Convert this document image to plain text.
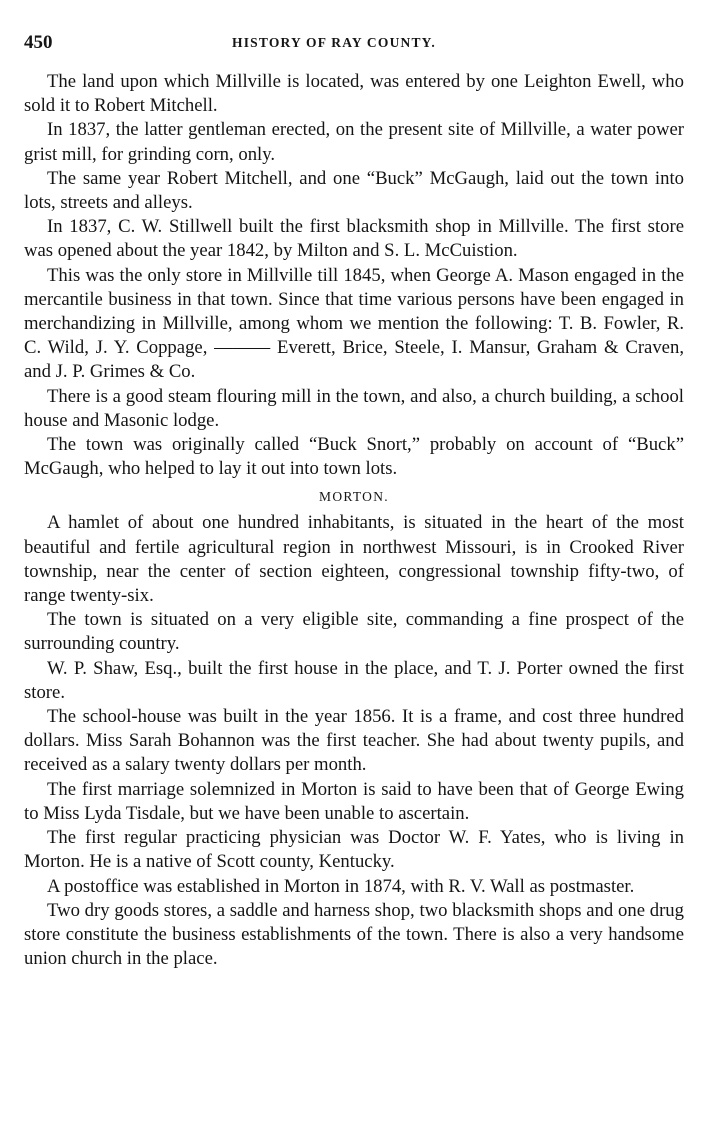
450	HISTORY OF RAY COUNTY.

The land upon which Millville is located, was entered by one Leighton Ewell, who sold it to Robert Mitchell.

In 1837, the latter gentleman erected, on the present site of Millville, a water power grist mill, for grinding corn, only.

The same year Robert Mitchell, and one “Buck” McGaugh, laid out the town into lots, streets and alleys.

In 1837, C. W. Stillwell built the first blacksmith shop in Millville. The first store was opened about the year 1842, by Milton and S. L. McCuistion.

This was the only store in Millville till 1845, when George A. Mason engaged in the mercantile business in that town. Since that time various persons have been engaged in merchandizing in Millville, among whom we mention the following: T. B. Fowler, R. C. Wild, J. Y. Coppage, ——— Everett, Brice, Steele, I. Mansur, Graham & Craven, and J. P. Grimes & Co.

There is a good steam flouring mill in the town, and also, a church building, a school house and Masonic lodge.

The town was originally called “Buck Snort,” probably on account of “Buck” McGaugh, who helped to lay it out into town lots.

MORTON.

A hamlet of about one hundred inhabitants, is situated in the heart of the most beautiful and fertile agricultural region in northwest Missouri, is in Crooked River township, near the center of section eighteen, congressional township fifty-two, of range twenty-six.

The town is situated on a very eligible site, commanding a fine prospect of the surrounding country.

W. P. Shaw, Esq., built the first house in the place, and T. J. Porter owned the first store.

The school-house was built in the year 1856. It is a frame, and cost three hundred dollars. Miss Sarah Bohannon was the first teacher. She had about twenty pupils, and received as a salary twenty dollars per month.

The first marriage solemnized in Morton is said to have been that of George Ewing to Miss Lyda Tisdale, but we have been unable to ascertain.

The first regular practicing physician was Doctor W. F. Yates, who is living in Morton. He is a native of Scott county, Kentucky.

A postoffice was established in Morton in 1874, with R. V. Wall as postmaster.

Two dry goods stores, a saddle and harness shop, two blacksmith shops and one drug store constitute the business establishments of the town. There is also a very handsome union church in the place.
